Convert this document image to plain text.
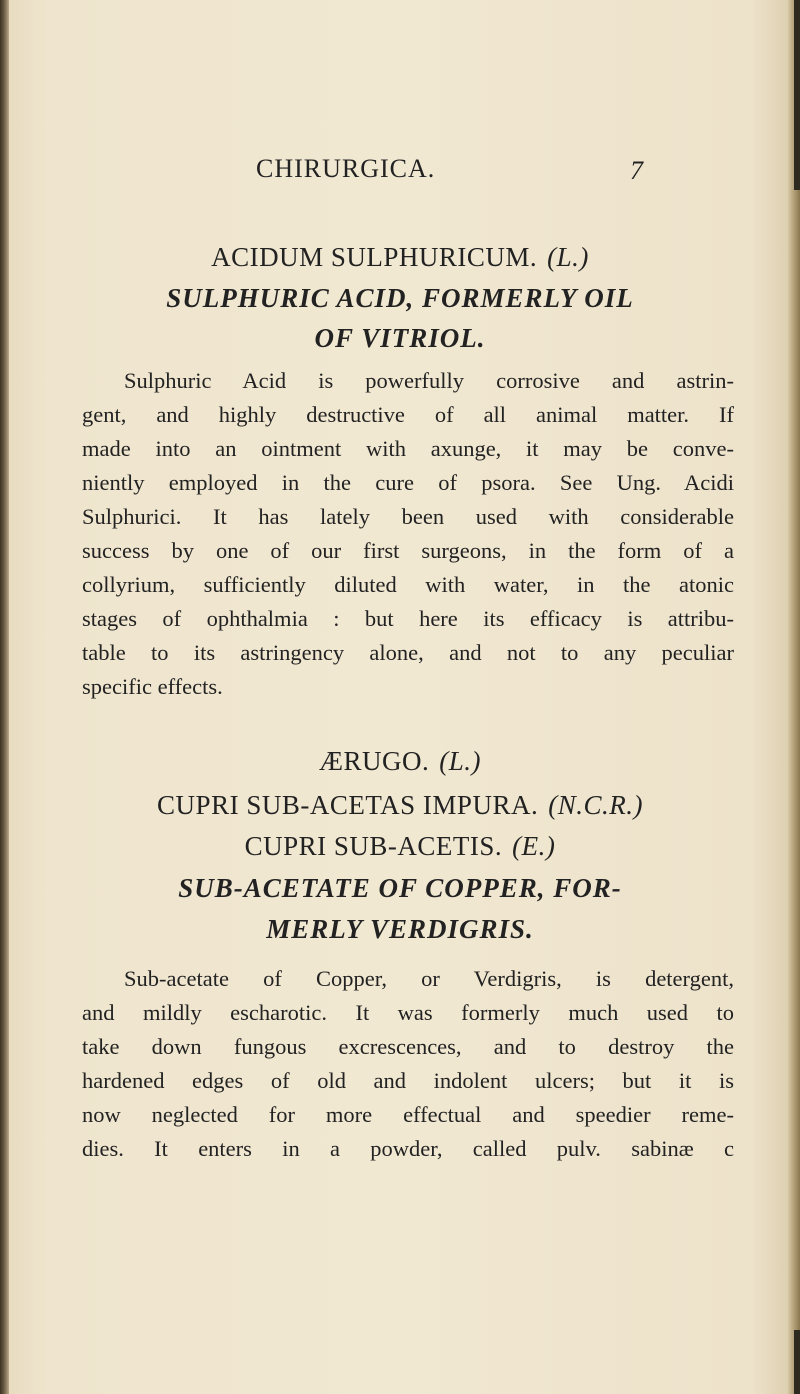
CHIRURGICA.	7
ACIDUM SULPHURICUM. (L.)
SULPHURIC ACID, FORMERLY OIL
OF VITRIOL.
Sulphuric Acid is powerfully corrosive and astrin-
gent, and highly destructive of all animal matter. If
made into an ointment with axunge, it may be conve-
niently employed in the cure of psora. See Ung. Acidi
Sulphurici. It has lately been used with considerable
success by one of our first surgeons, in the form of a
collyrium, sufficiently diluted with water, in the atonic
stages of ophthalmia : but here its efficacy is attribu-
table to its astringency alone, and not to any peculiar
specific effects.
ÆRUGO. (L.)
CUPRI SUB-ACETAS IMPURA. (N.C.R.)
CUPRI SUB-ACETIS. (E.)
SUB-ACETATE OF COPPER, FOR-
MERLY VERDIGRIS.
Sub-acetate of Copper, or Verdigris, is detergent,
and mildly escharotic. It was formerly much used to
take down fungous excrescences, and to destroy the
hardened edges of old and indolent ulcers; but it is
now neglected for more effectual and speedier reme-
dies. It enters in a powder, called pulv. sabinæ c
